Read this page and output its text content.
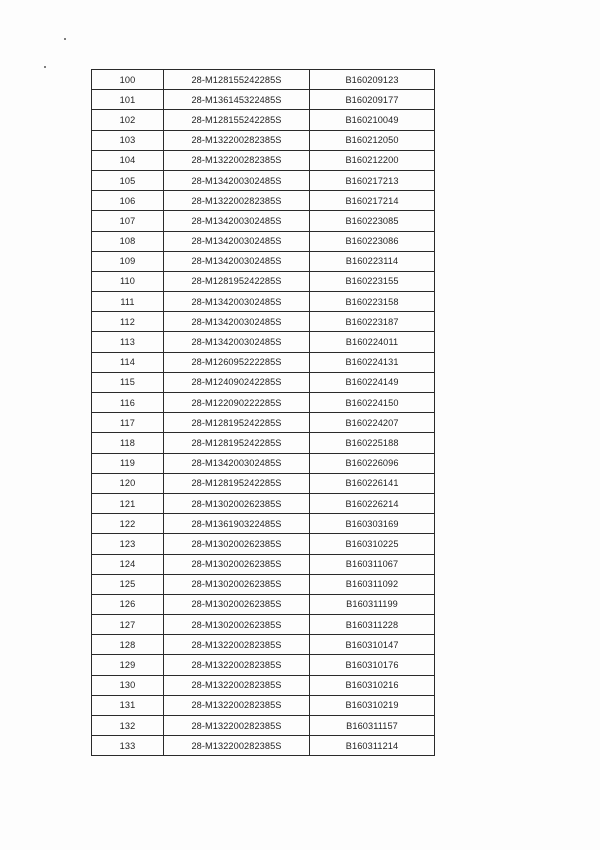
100	28-M128155242285S	B160209123
101	28-M136145322485S	B160209177
102	28-M128155242285S	B160210049
103	28-M132200282385S	B160212050
104	28-M132200282385S	B160212200
105	28-M134200302485S	B160217213
106	28-M132200282385S	B160217214
107	28-M134200302485S	B160223085
108	28-M134200302485S	B160223086
109	28-M134200302485S	B160223114
110	28-M128195242285S	B160223155
111	28-M134200302485S	B160223158
112	28-M134200302485S	B160223187
113	28-M134200302485S	B160224011
114	28-M126095222285S	B160224131
115	28-M124090242285S	B160224149
116	28-M122090222285S	B160224150
117	28-M128195242285S	B160224207
118	28-M128195242285S	B160225188
119	28-M134200302485S	B160226096
120	28-M128195242285S	B160226141
121	28-M130200262385S	B160226214
122	28-M136190322485S	B160303169
123	28-M130200262385S	B160310225
124	28-M130200262385S	B160311067
125	28-M130200262385S	B160311092
126	28-M130200262385S	B160311199
127	28-M130200262385S	B160311228
128	28-M132200282385S	B160310147
129	28-M132200282385S	B160310176
130	28-M132200282385S	B160310216
131	28-M132200282385S	B160310219
132	28-M132200282385S	B160311157
133	28-M132200282385S	B160311214
